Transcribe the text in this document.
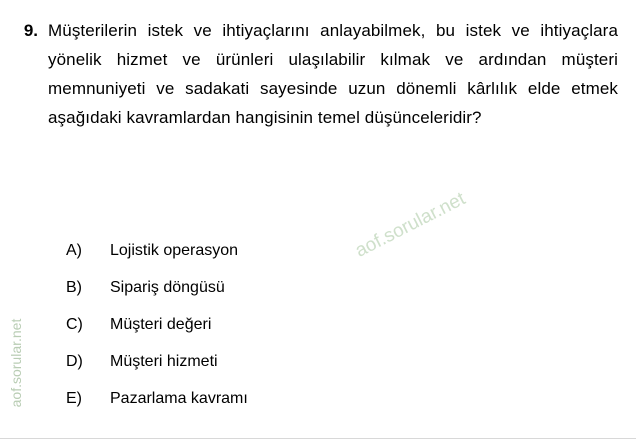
9. Müşterilerin istek ve ihtiyaçlarını anlayabilmek, bu istek ve ihtiyaçlara yönelik hizmet ve ürünleri ulaşılabilir kılmak ve ardından müşteri memnuniyeti ve sadakati sayesinde uzun dönemli kârlılık elde etmek aşağıdaki kavramlardan hangisinin temel düşünceleridir?
A)	Lojistik operasyon
B)	Sipariş döngüsü
C)	Müşteri değeri
D)	Müşteri hizmeti
E)	Pazarlama kavramı
aof.sorular.net
aof.sorular.net
